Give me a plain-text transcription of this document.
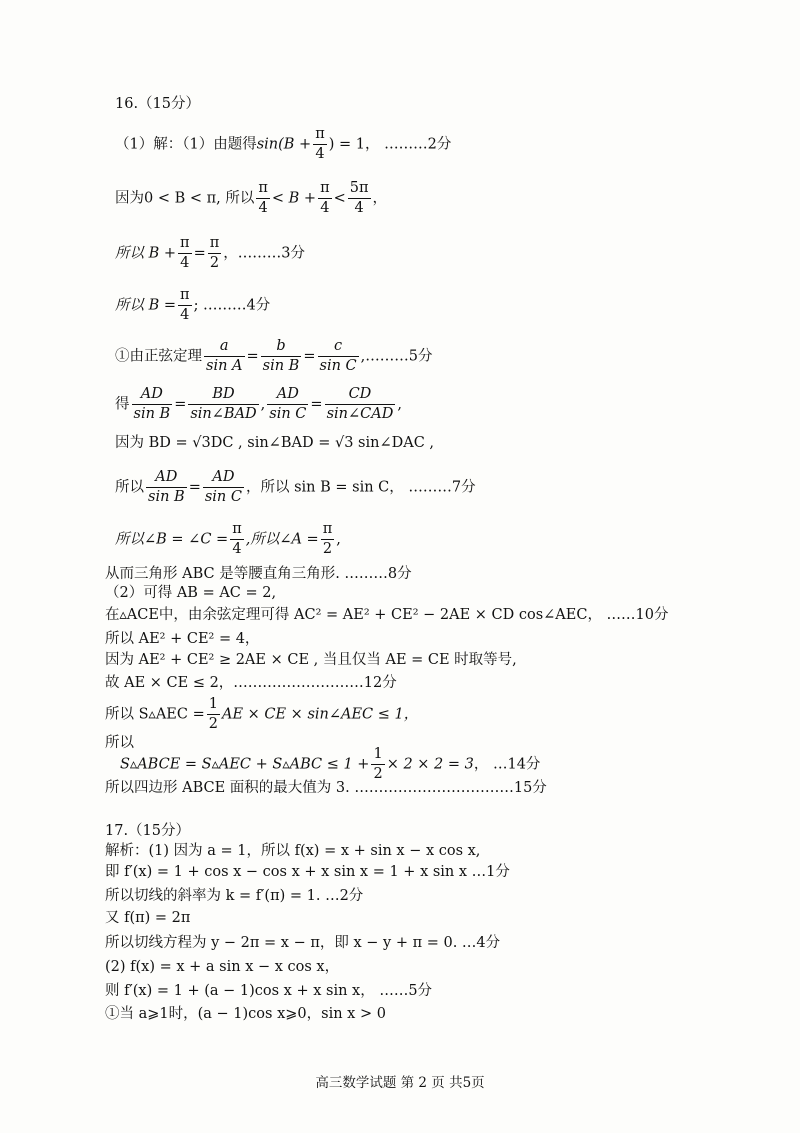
16.（15分）
（1）解：（1）由题得$\sin(B + \frac{\pi}{4}$ ) = 1， ………2分
因为0 < B < π, 所以 $\frac{\pi}{4} < B + \frac{\pi}{4} < \frac{5\pi}{4}$ ，
所以 $B + \frac{\pi}{4} = \frac{\pi}{2}$ ，………3分
所以 $B = \frac{\pi}{4}$ ; ………4分
①由正弦定理 $\frac{a}{\text{sin A}} = \frac{b}{\text{sin B}} = \frac{c}{\text{sin C}}$ ,………5分
得 $\frac{AD}{\text{sin B}} = \frac{BD}{\text{sin∠BAD}}$ , $\frac{AD}{\text{sin C}} = \frac{CD}{\text{sin∠CAD}}$ ,
因为 BD = √3DC , sin∠BAD = √3 sin∠DAC ,
所以 $\frac{AD}{\text{sin B}} = \frac{AD}{\text{sin C}}$ ，所以 sin B = sin C， ………7分
所以∠B = ∠C = $\frac{\pi}{4}$ ,所以∠A = $\frac{\pi}{2}$ ,
从而三角形 ABC 是等腰直角三角形. ………8分
（2）可得 AB = AC = 2,
在▵ACE中，由余弦定理可得 AC² = AE² + CE² − 2AE × CD cos∠AEC， ……10分
所以 AE² + CE² = 4，
因为 AE² + CE² ≥ 2AE × CE , 当且仅当 AE = CE 时取等号,
故 AE × CE ≤ 2，………………………12分
所以 S▵AEC = $\frac{1}{2}$ AE × CE × sin∠AEC ≤ 1，
所以
S▵ABCE = S▵AEC + S▵ABC ≤ $1 + \frac{1}{2} \times 2 \times 2 = 3$， …14分
所以四边形 ABCE 面积的最大值为 3. ……………………………15分
17.（15分）
解析：(1) 因为 a = 1，所以 f(x) = x + sin x − x cos x,
即 f′(x) = 1 + cos x − cos x + x sin x = 1 + x sin x …1分
所以切线的斜率为 k = f′(π) = 1. …2分
又 f(π) = 2π
所以切线方程为 y − 2π = x − π，即 x − y + π = 0. …4分
(2) f(x) = x + a sin x − x cos x，
则 f′(x) = 1 + (a − 1)cos x + x sin x， ……5分
①当 a⩾1时，(a − 1)cos x⩾0，sin x > 0
高三数学试题 第 2 页 共5页
